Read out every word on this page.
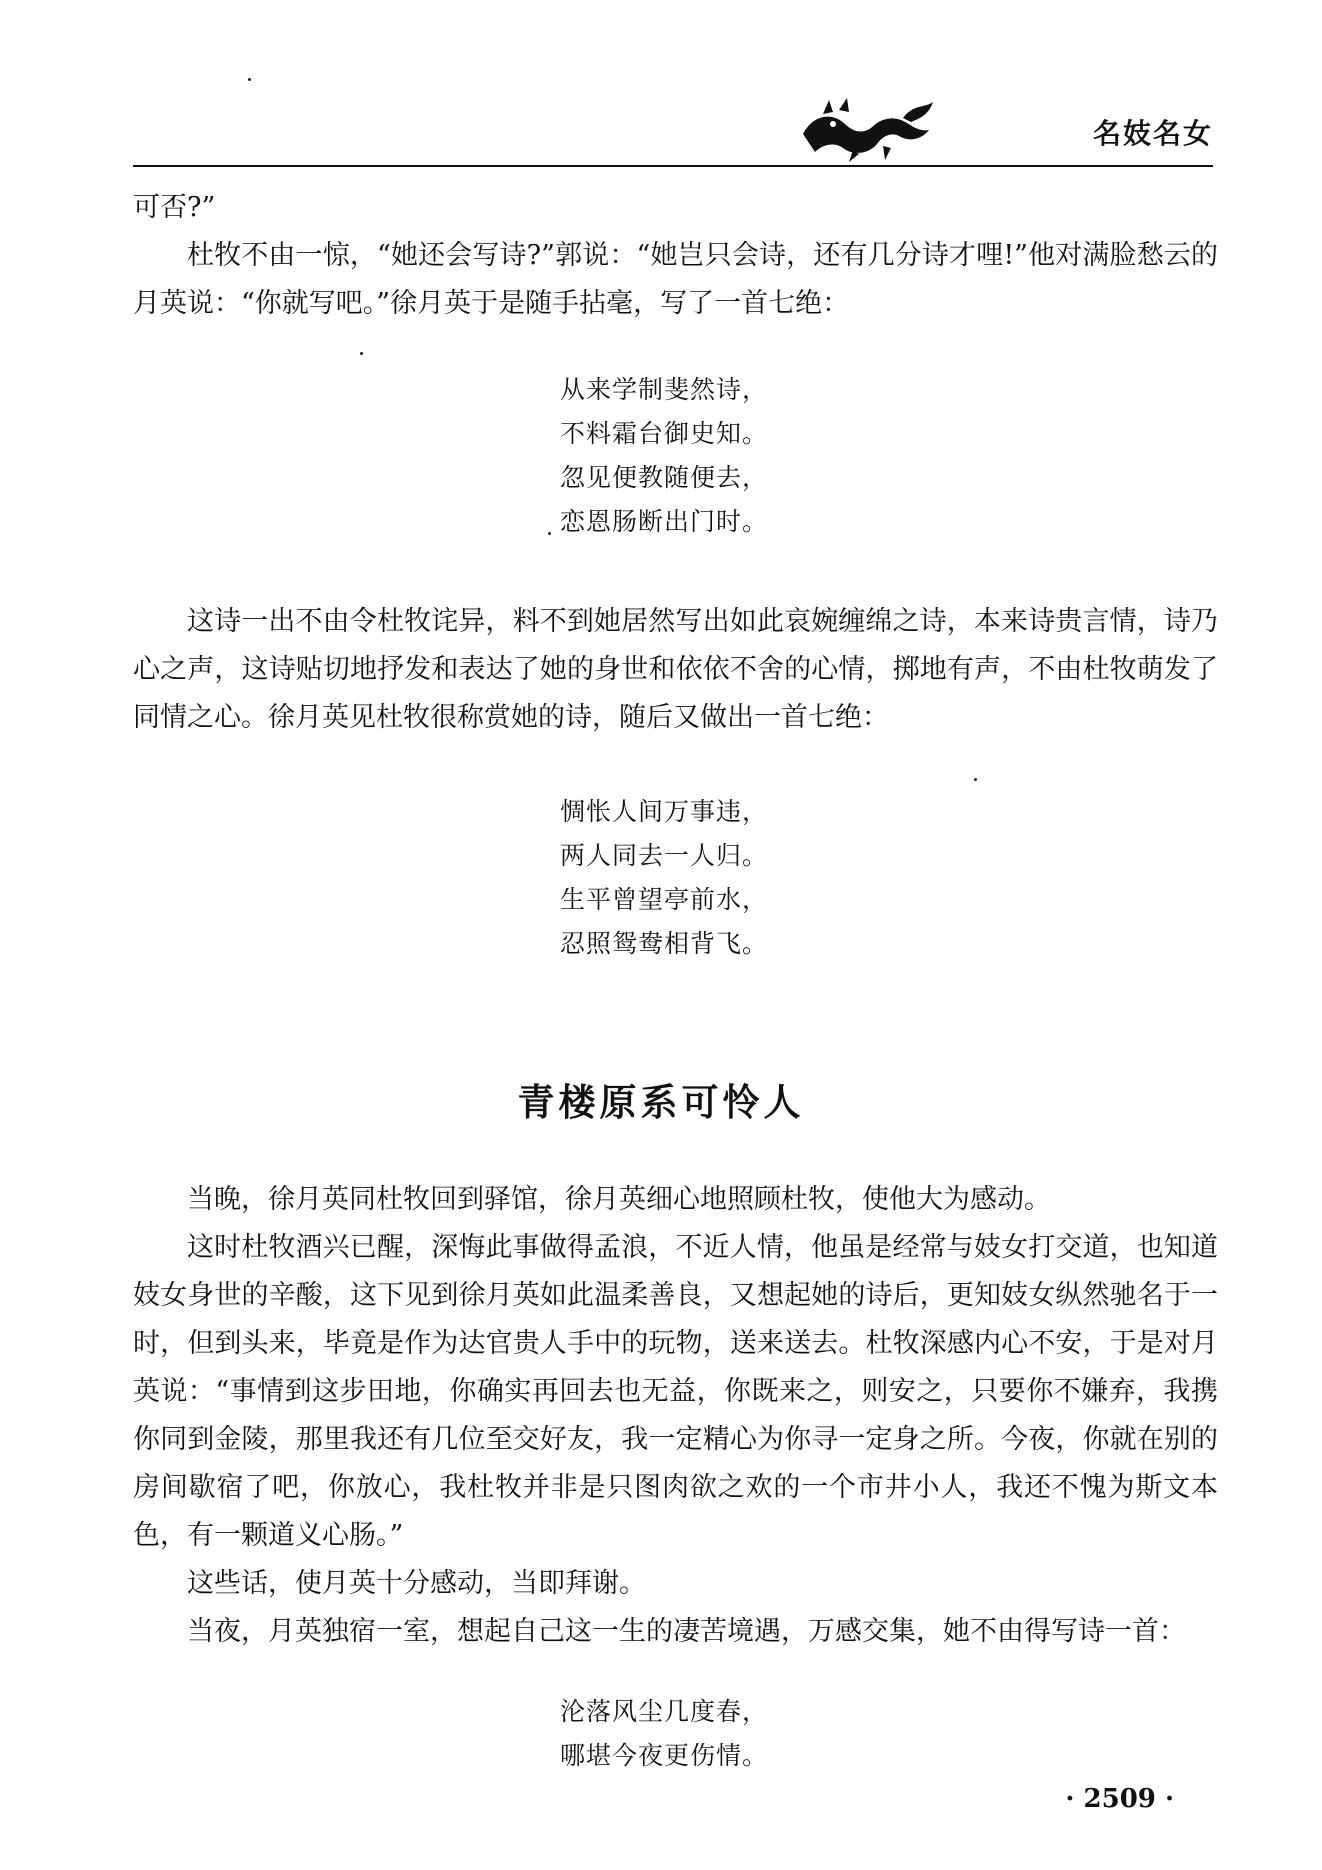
名妓名女

可否?”

杜牧不由一惊，“她还会写诗?”郭说：“她岂只会诗，还有几分诗才哩!”他对满脸愁云的月英说：“你就写吧。”徐月英于是随手拈毫，写了一首七绝：

从来学制斐然诗，
不料霜台御史知。
忽见便教随便去，
恋恩肠断出门时。

这诗一出不由令杜牧诧异，料不到她居然写出如此哀婉缠绵之诗，本来诗贵言情，诗乃心之声，这诗贴切地抒发和表达了她的身世和依依不舍的心情，掷地有声，不由杜牧萌发了同情之心。徐月英见杜牧很称赏她的诗，随后又做出一首七绝：

惆怅人间万事违，
两人同去一人归。
生平曾望亭前水，
忍照鸳鸯相背飞。
青楼原系可怜人

当晚，徐月英同杜牧回到驿馆，徐月英细心地照顾杜牧，使他大为感动。

这时杜牧酒兴已醒，深悔此事做得孟浪，不近人情，他虽是经常与妓女打交道，也知道妓女身世的辛酸，这下见到徐月英如此温柔善良，又想起她的诗后，更知妓女纵然驰名于一时，但到头来，毕竟是作为达官贵人手中的玩物，送来送去。杜牧深感内心不安，于是对月英说：“事情到这步田地，你确实再回去也无益，你既来之，则安之，只要你不嫌弃，我携你同到金陵，那里我还有几位至交好友，我一定精心为你寻一定身之所。今夜，你就在别的房间歇宿了吧，你放心，我杜牧并非是只图肉欲之欢的一个市井小人，我还不愧为斯文本色，有一颗道义心肠。”

这些话，使月英十分感动，当即拜谢。

当夜，月英独宿一室，想起自己这一生的凄苦境遇，万感交集，她不由得写诗一首：

沦落风尘几度春，
哪堪今夜更伤情。
· 2509 ·
